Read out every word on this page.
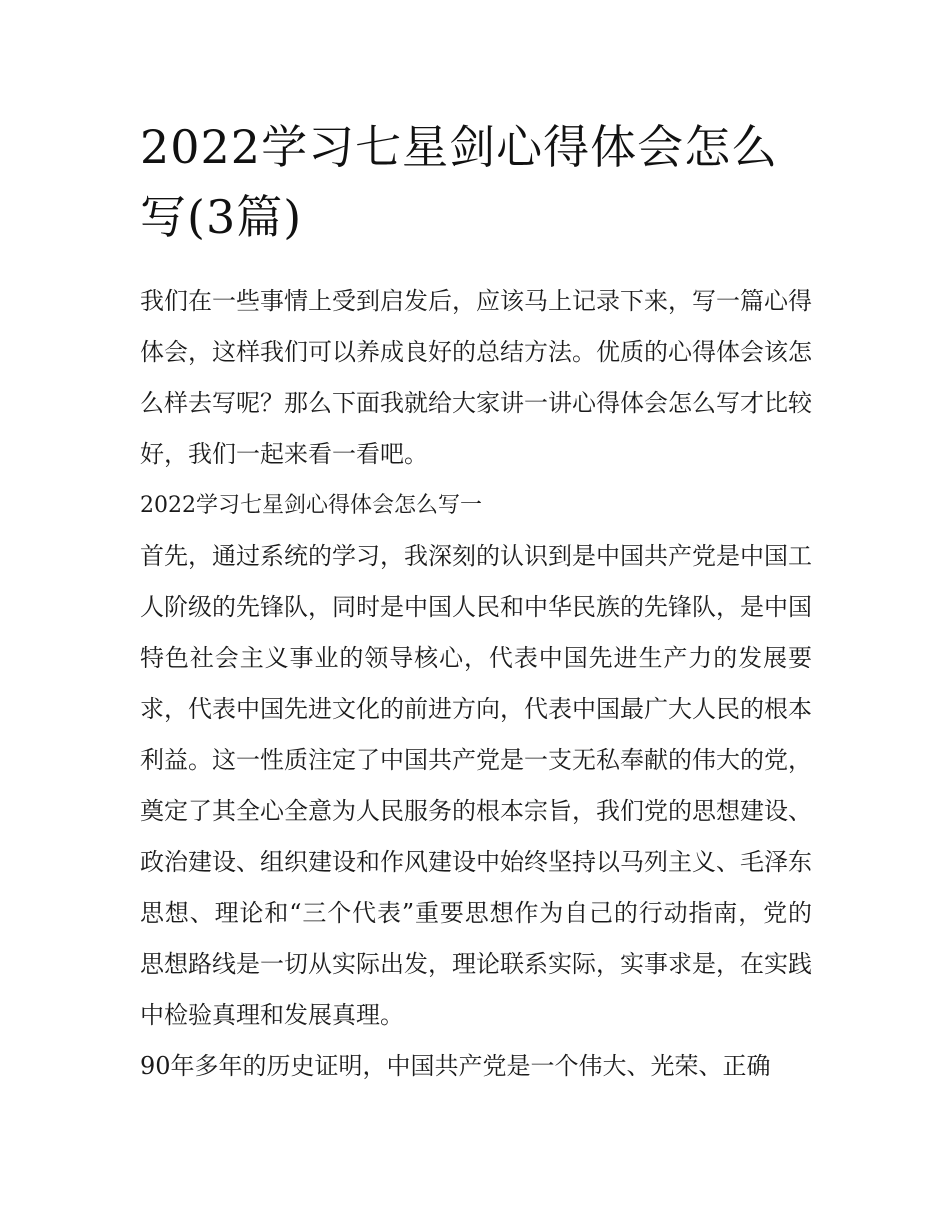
2022学习七星剑心得体会怎么写(3篇)

我们在一些事情上受到启发后，应该马上记录下来，写一篇心得体会，这样我们可以养成良好的总结方法。优质的心得体会该怎么样去写呢？那么下面我就给大家讲一讲心得体会怎么写才比较好，我们一起来看一看吧。

2022学习七星剑心得体会怎么写一

首先，通过系统的学习，我深刻的认识到是中国共产党是中国工人阶级的先锋队，同时是中国人民和中华民族的先锋队，是中国特色社会主义事业的领导核心，代表中国先进生产力的发展要求，代表中国先进文化的前进方向，代表中国最广大人民的根本利益。这一性质注定了中国共产党是一支无私奉献的伟大的党，奠定了其全心全意为人民服务的根本宗旨，我们党的思想建设、政治建设、组织建设和作风建设中始终坚持以马列主义、毛泽东思想、理论和“三个代表”重要思想作为自己的行动指南，党的思想路线是一切从实际出发，理论联系实际，实事求是，在实践中检验真理和发展真理。

90年多年的历史证明，中国共产党是一个伟大、光荣、正确
